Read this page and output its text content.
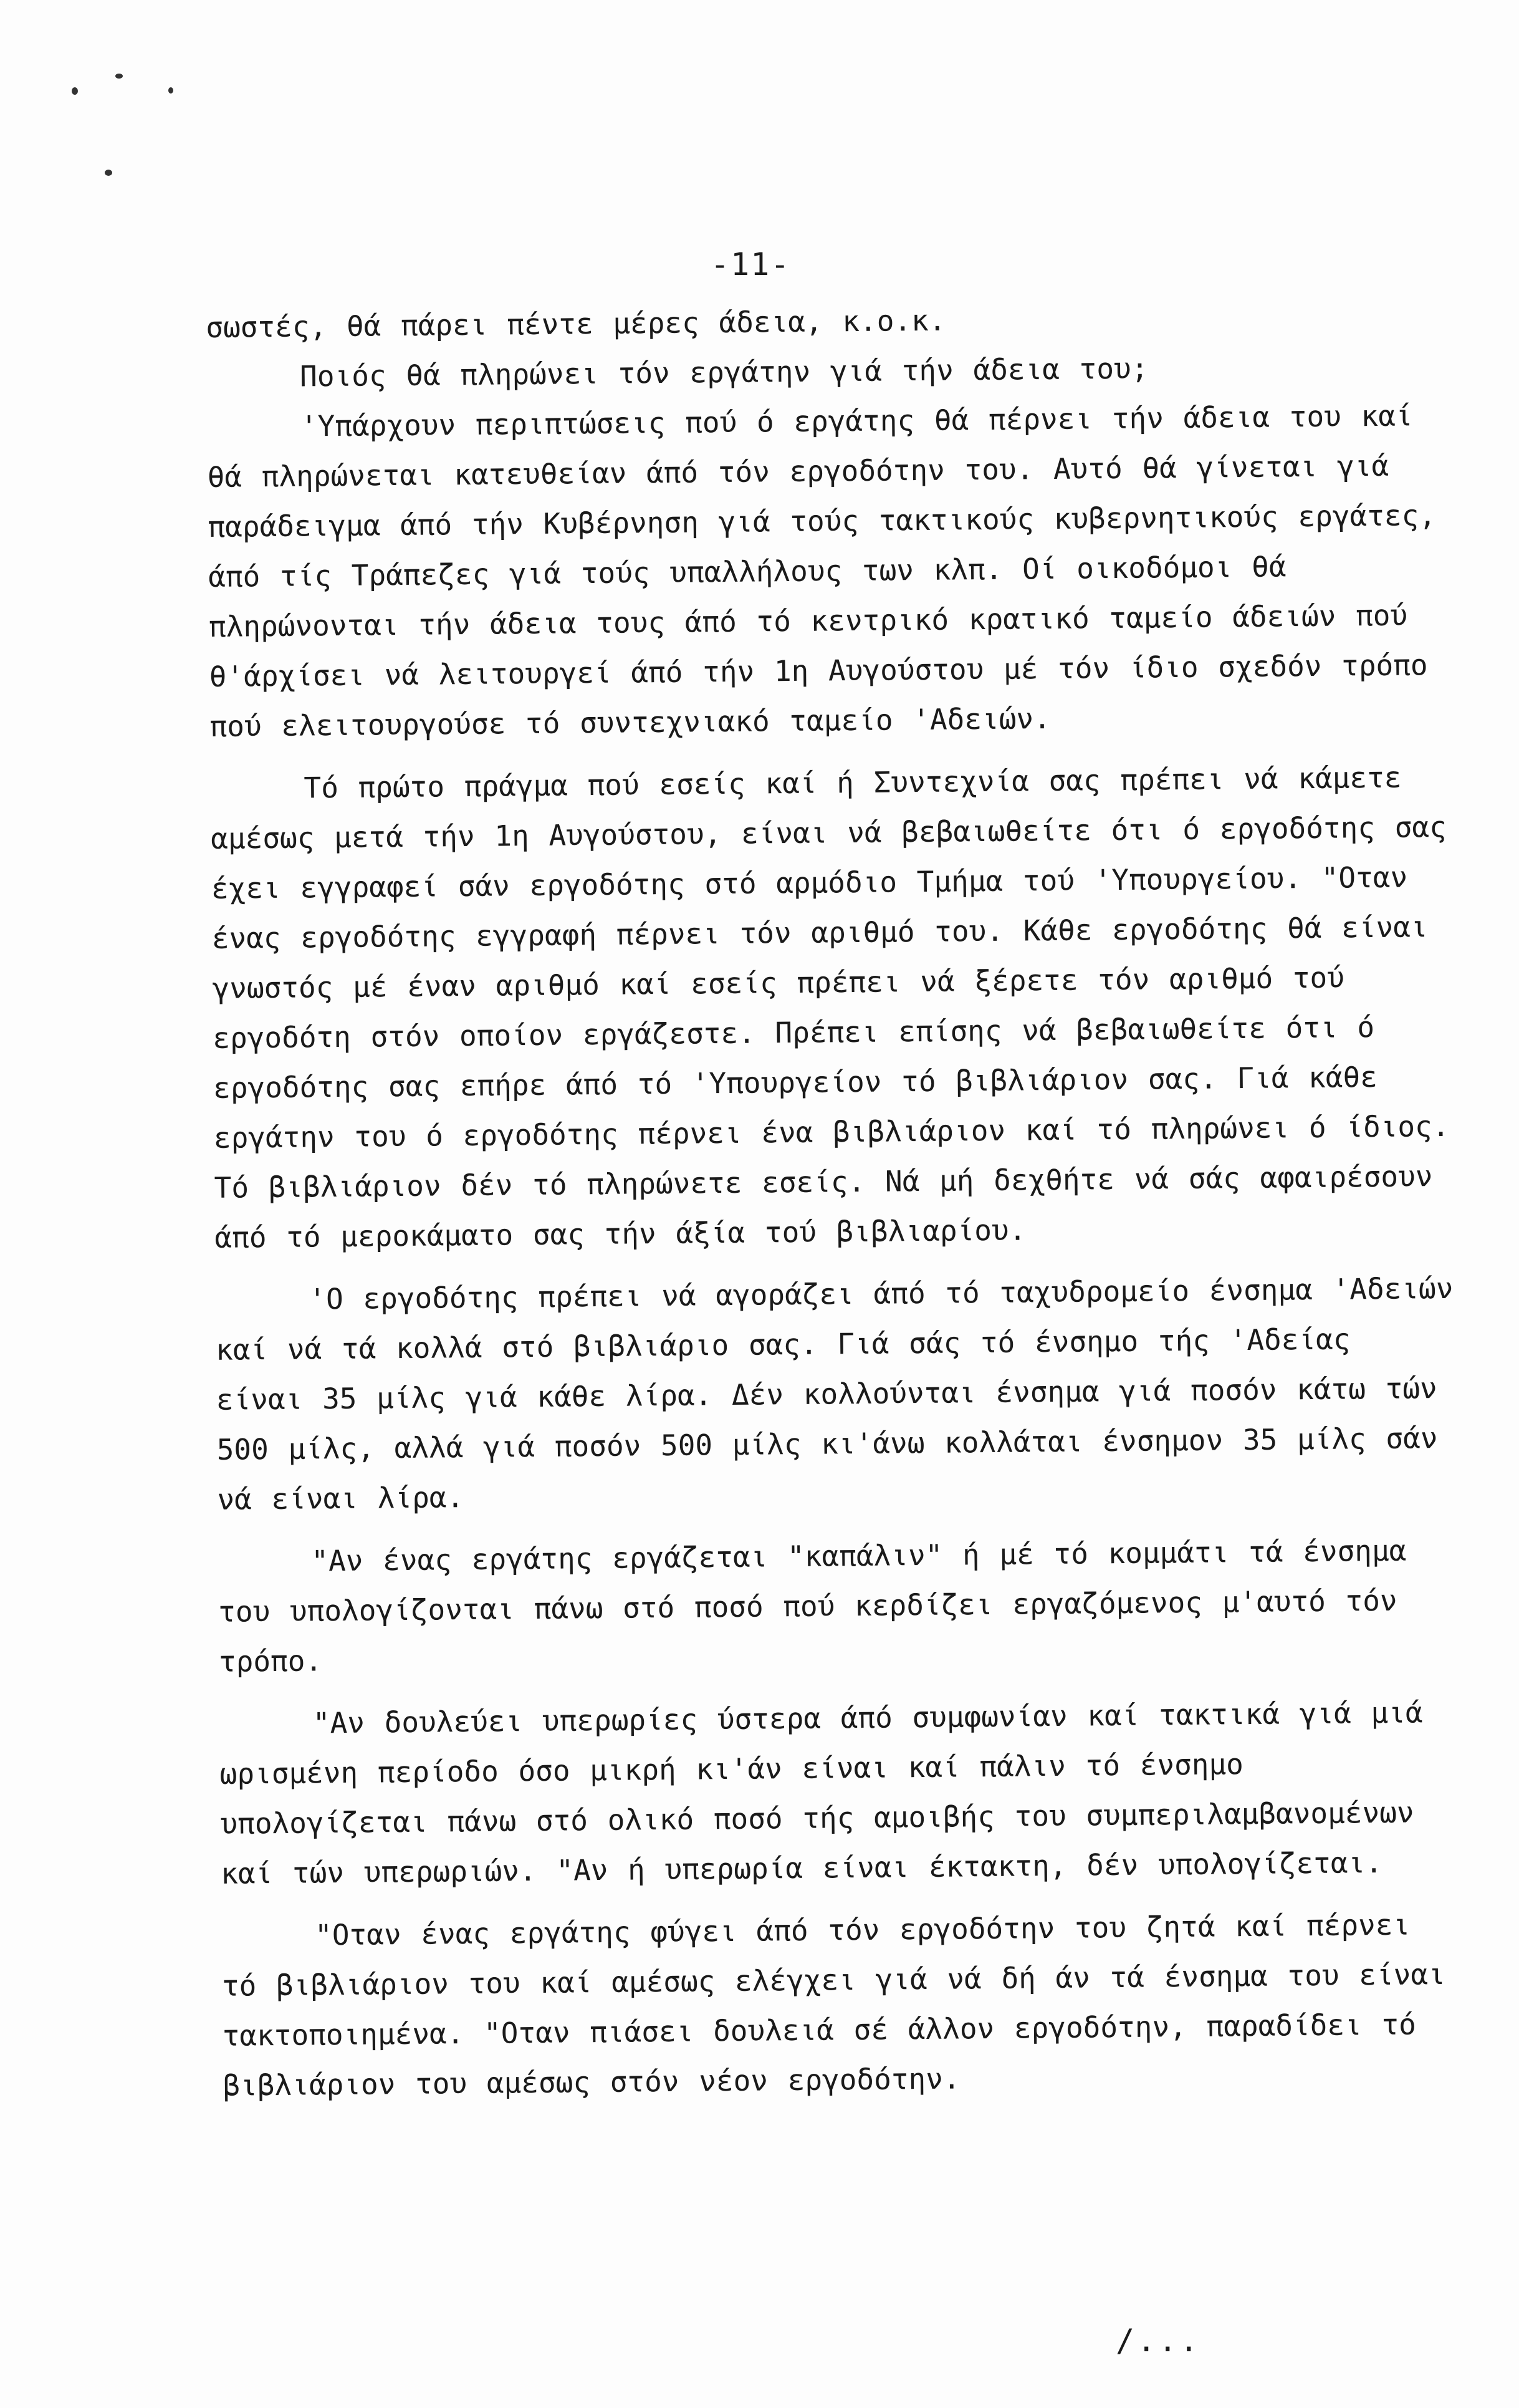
-11-

σωστές, θά πάρει πέντε μέρες άδεια, κ.ο.κ.

Ποιός θά πληρώνει τόν εργάτην γιά τήν άδεια του;

'Υπάρχουν περιπτώσεις πού ό εργάτης θά πέρνει τήν άδεια του καί θά πληρώνεται κατευθείαν άπό τόν εργοδότην του. Αυτό θά γίνεται γιά παράδειγμα άπό τήν Κυβέρνηση γιά τούς τακτικούς κυβερνητικούς εργάτες, άπό τίς Τράπεζες γιά τούς υπαλλήλους των κλπ. Οί οικοδόμοι θά πληρώνονται τήν άδεια τους άπό τό κεντρικό κρατικό ταμείο άδειών πού θ'άρχίσει νά λειτουργεί άπό τήν 1η Αυγούστου μέ τόν ίδιο σχεδόν τρόπο πού ελειτουργούσε τό συντεχνιακό ταμείο 'Αδειών.

Τό πρώτο πράγμα πού εσείς καί ή Συντεχνία σας πρέπει νά κάμετε αμέσως μετά τήν 1η Αυγούστου, είναι νά βεβαιωθείτε ότι ό εργοδότης σας έχει εγγραφεί σάν εργοδότης στό αρμόδιο Τμήμα τού 'Υπουργείου. "Οταν ένας εργοδότης εγγραφή πέρνει τόν αριθμό του. Κάθε εργοδότης θά είναι γνωστός μέ έναν αριθμό καί εσείς πρέπει νά ξέρετε τόν αριθμό τού εργοδότη στόν οποίον εργάζεστε. Πρέπει επίσης νά βεβαιωθείτε ότι ό εργοδότης σας επήρε άπό τό 'Υπουργείον τό βιβλιάριον σας. Γιά κάθε εργάτην του ό εργοδότης πέρνει ένα βιβλιάριον καί τό πληρώνει ό ίδιος. Τό βιβλιάριον δέν τό πληρώνετε εσείς. Νά μή δεχθήτε νά σάς αφαιρέσουν άπό τό μεροκάματο σας τήν άξία τού βιβλιαρίου.

'Ο εργοδότης πρέπει νά αγοράζει άπό τό ταχυδρομείο ένσημα 'Αδειών καί νά τά κολλά στό βιβλιάριο σας. Γιά σάς τό ένσημο τής 'Αδείας είναι 35 μίλς γιά κάθε λίρα. Δέν κολλούνται ένσημα γιά ποσόν κάτω τών 500 μίλς, αλλά γιά ποσόν 500 μίλς κι'άνω κολλάται ένσημον 35 μίλς σάν νά είναι λίρα.

"Αν ένας εργάτης εργάζεται "καπάλιν" ή μέ τό κομμάτι τά ένσημα του υπολογίζονται πάνω στό ποσό πού κερδίζει εργαζόμενος μ'αυτό τόν τρόπο.

"Αν δουλεύει υπερωρίες ύστερα άπό συμφωνίαν καί τακτικά γιά μιά ωρισμένη περίοδο όσο μικρή κι'άν είναι καί πάλιν τό ένσημο υπολογίζεται πάνω στό ολικό ποσό τής αμοιβής του συμπεριλαμβανομένων καί τών υπερωριών. "Αν ή υπερωρία είναι έκτακτη, δέν υπολογίζεται.

"Οταν ένας εργάτης φύγει άπό τόν εργοδότην του ζητά καί πέρνει τό βιβλιάριον του καί αμέσως ελέγχει γιά νά δή άν τά ένσημα του είναι τακτοποιημένα. "Οταν πιάσει δουλειά σέ άλλον εργοδότην, παραδίδει τό βιβλιάριον του αμέσως στόν νέον εργοδότην.

/...
